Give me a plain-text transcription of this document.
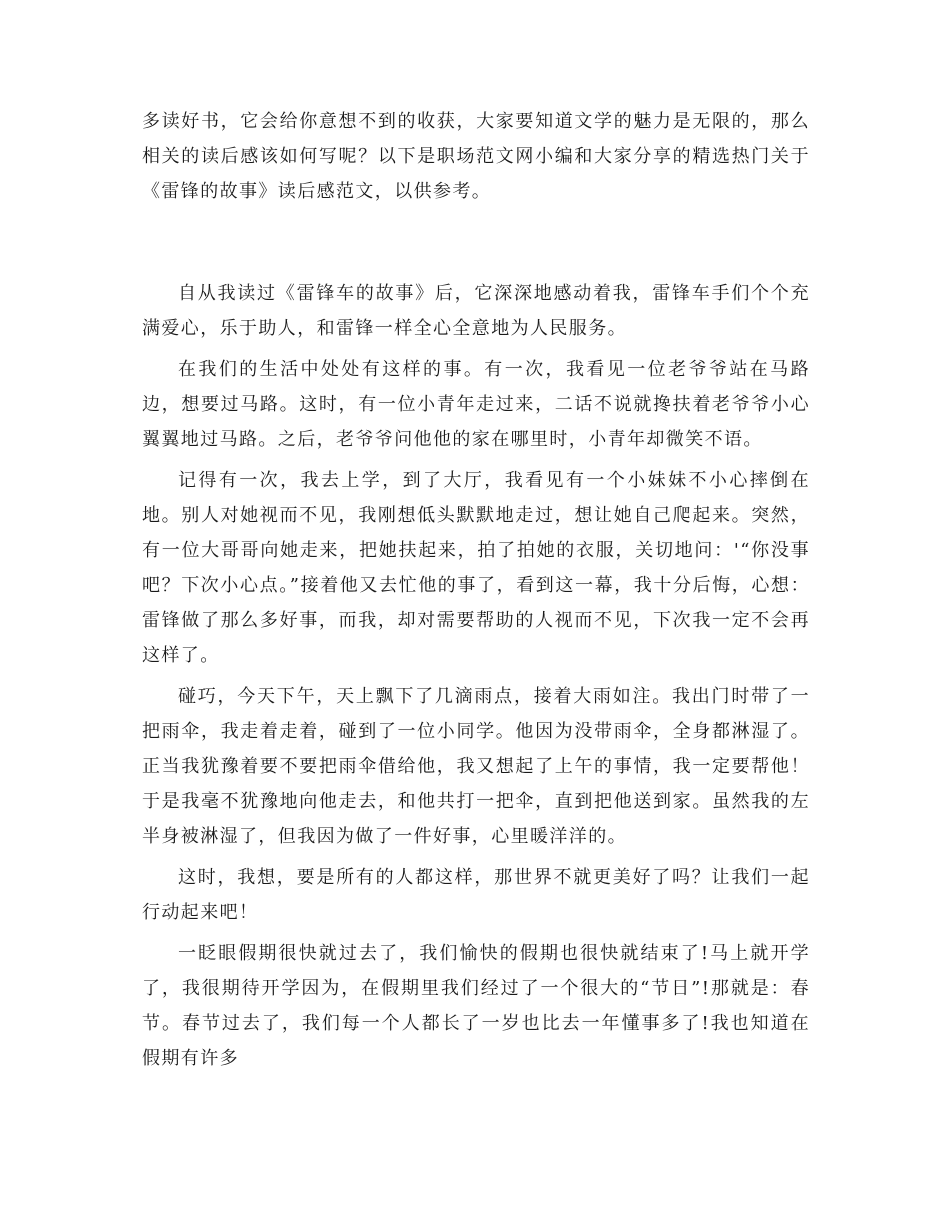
多读好书，它会给你意想不到的收获，大家要知道文学的魅力是无限的，那么相关的读后感该如何写呢？以下是职场范文网小编和大家分享的精选热门关于《雷锋的故事》读后感范文，以供参考。

自从我读过《雷锋车的故事》后，它深深地感动着我，雷锋车手们个个充满爱心，乐于助人，和雷锋一样全心全意地为人民服务。

在我们的生活中处处有这样的事。有一次，我看见一位老爷爷站在马路边，想要过马路。这时，有一位小青年走过来，二话不说就搀扶着老爷爷小心翼翼地过马路。之后，老爷爷问他他的家在哪里时，小青年却微笑不语。

记得有一次，我去上学，到了大厅，我看见有一个小妹妹不小心摔倒在地。别人对她视而不见，我刚想低头默默地走过，想让她自己爬起来。突然，有一位大哥哥向她走来，把她扶起来，拍了拍她的衣服，关切地问：'“你没事吧？下次小心点。”接着他又去忙他的事了，看到这一幕，我十分后悔，心想：雷锋做了那么多好事，而我，却对需要帮助的人视而不见，下次我一定不会再这样了。

碰巧，今天下午，天上飘下了几滴雨点，接着大雨如注。我出门时带了一把雨伞，我走着走着，碰到了一位小同学。他因为没带雨伞，全身都淋湿了。正当我犹豫着要不要把雨伞借给他，我又想起了上午的事情，我一定要帮他！于是我毫不犹豫地向他走去，和他共打一把伞，直到把他送到家。虽然我的左半身被淋湿了，但我因为做了一件好事，心里暖洋洋的。

这时，我想，要是所有的人都这样，那世界不就更美好了吗？让我们一起行动起来吧！

一眨眼假期很快就过去了，我们愉快的假期也很快就结束了!马上就开学了，我很期待开学因为，在假期里我们经过了一个很大的“节日”!那就是：春节。春节过去了，我们每一个人都长了一岁也比去一年懂事多了!我也知道在假期有许多
